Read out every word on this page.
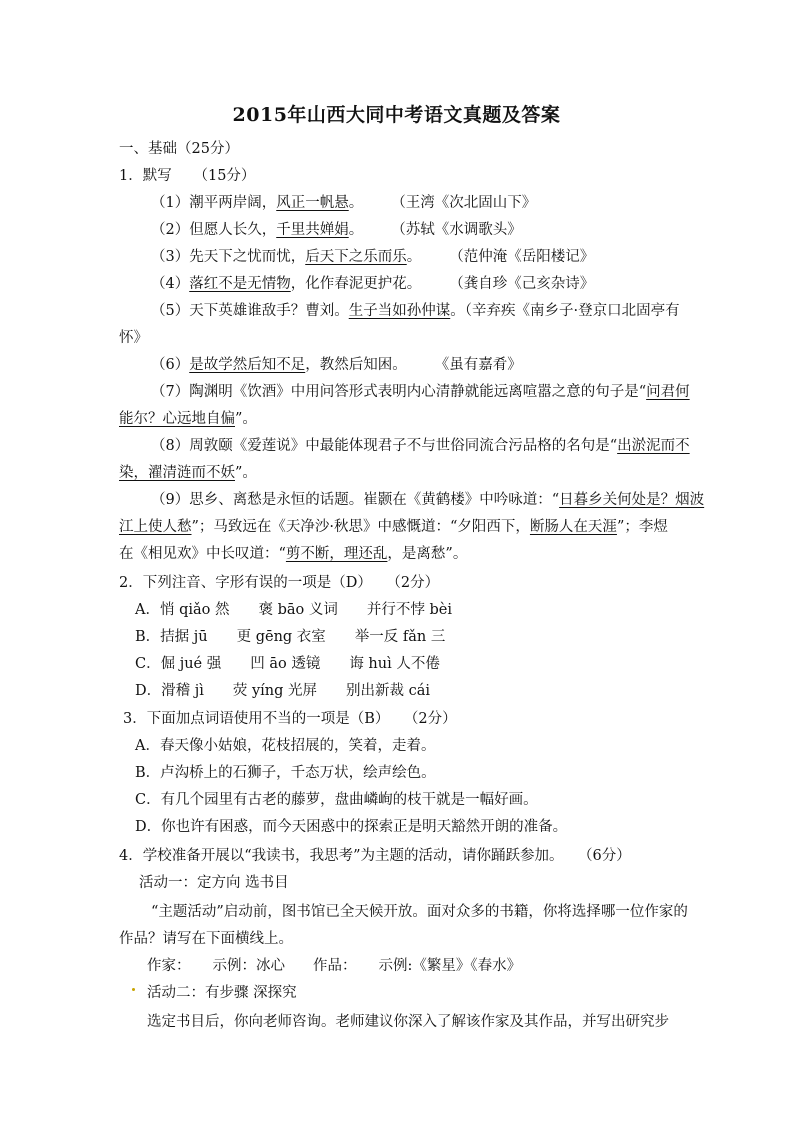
2015年山西大同中考语文真题及答案
一、基础（25分）
1．默写　　（15分）
（1）潮平两岸阔，风正一帆悬。 （王湾《次北固山下》
（2）但愿人长久，千里共婵娟。 （苏轼《水调歌头》
（3）先天下之忧而忧，后天下之乐而乐。 （范仲淹《岳阳楼记》
（4）落红不是无情物，化作春泥更护花。 （龚自珍《己亥杂诗》
（5）天下英雄谁敌手？曹刘。生子当如孙仲谋。（辛弃疾《南乡子·登京口北固亭有
怀》
（6）是故学然后知不足，教然后知困。 《虽有嘉肴》
（7）陶渊明《饮酒》中用问答形式表明内心清静就能远离喧嚣之意的句子是“问君何
能尔？心远地自偏”。
（8）周敦颐《爱莲说》中最能体现君子不与世俗同流合污品格的名句是“出淤泥而不
染，濯清涟而不妖”。
（9）思乡、离愁是永恒的话题。崔颢在《黄鹤楼》中吟咏道：“日暮乡关何处是？烟波
江上使人愁”；马致远在《天净沙·秋思》中感慨道：“夕阳西下，断肠人在天涯”；李煜
在《相见欢》中长叹道：“剪不断，理还乱，是离愁”。
2．下列注音、字形有误的一项是（D）　　（2分）
A．悄 qiǎo 然　　褒 bāo 义词　　并行不悖 bèi
B．拮据 jū　　更 gēng 衣室　　举一反 fǎn 三
C．倔 jué 强　　凹 āo 透镜　　诲 huì 人不倦
D．滑稽 jì　　荧 yíng 光屏　　别出新裁 cái
3．下面加点词语使用不当的一项是（B）　　（2分）
A．春天像小姑娘，花枝招展的，笑着，走着。
B．卢沟桥上的石狮子，千态万状，绘声绘色。
C．有几个园里有古老的藤萝，盘曲嶙峋的枝干就是一幅好画。
D．你也许有困惑，而今天困惑中的探索正是明天豁然开朗的准备。
4．学校准备开展以“我读书，我思考”为主题的活动，请你踊跃参加。　　（6分）
活动一：定方向 选书目
“主题活动”启动前，图书馆已全天候开放。面对众多的书籍，你将选择哪一位作家的
作品？请写在下面横线上。
作家： 示例：冰心 作品： 示例:《繁星》《春水》
活动二：有步骤 深探究
选定书目后，你向老师咨询。老师建议你深入了解该作家及其作品，并写出研究步
